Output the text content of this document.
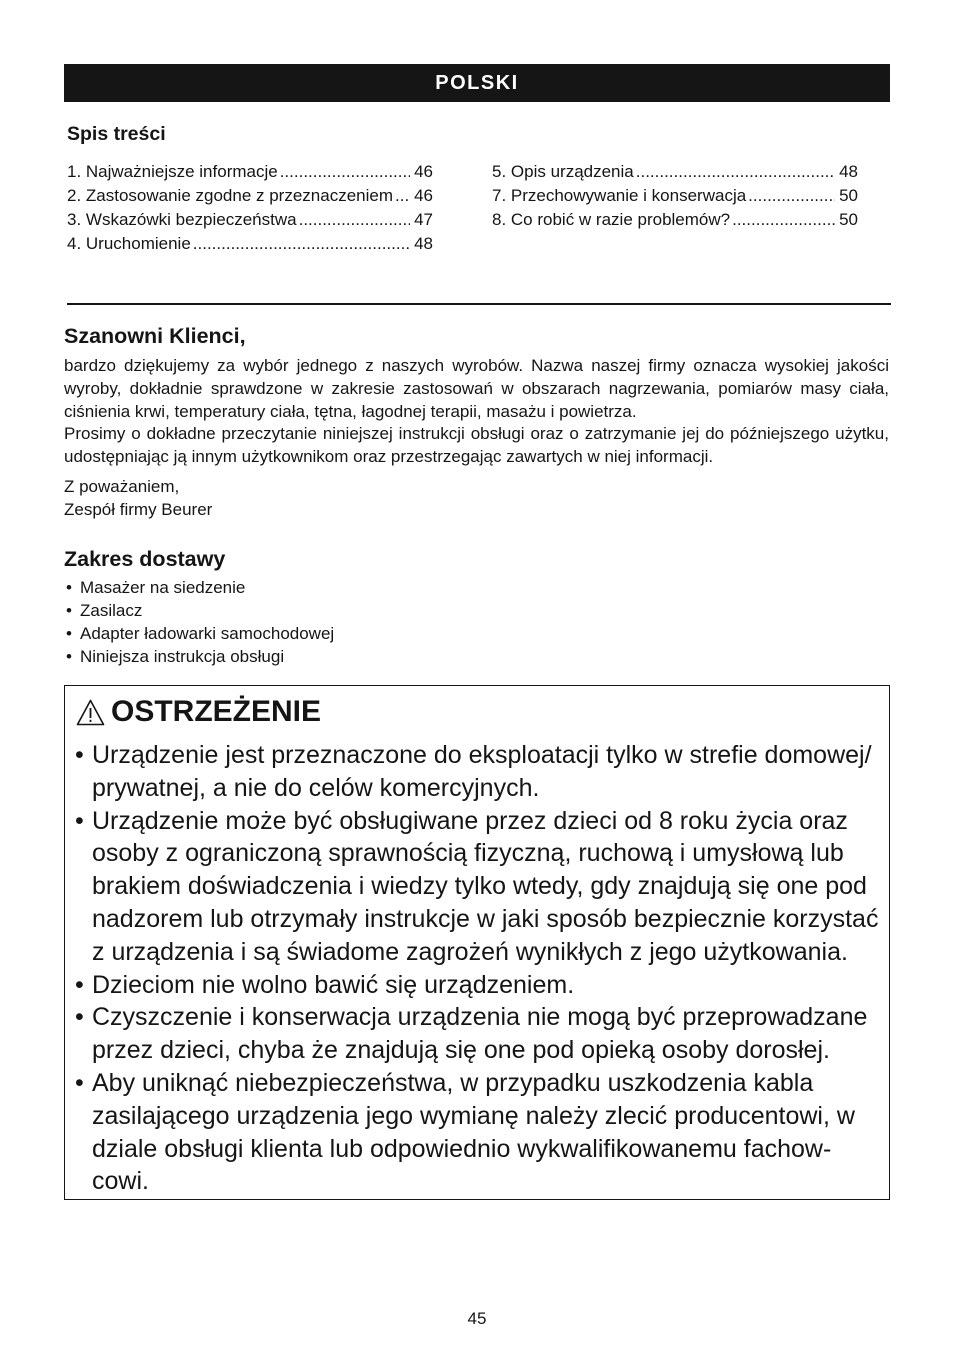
POLSKI
Spis treści
1. Najważniejsze informacje .....	46
2. Zastosowanie zgodne z przeznaczeniem ..... 46
3. Wskazówki bezpieczeństwa .....	47
4. Uruchomienie .....	48
5. Opis urządzenia .....	48
7. Przechowywanie i konserwacja .....	50
8. Co robić w razie problemów? .....	50
Szanowni Klienci,
bardzo dziękujemy za wybór jednego z naszych wyrobów. Nazwa naszej firmy oznacza wysokiej jakości
wyroby, dokładnie sprawdzone w zakresie zastosowań w obszarach nagrzewania, pomiarów masy ciała,
ciśnienia krwi, temperatury ciała, tętna, łagodnej terapii, masażu i powietrza.
Prosimy o dokładne przeczytanie niniejszej instrukcji obsługi oraz o zatrzymanie jej do późniejszego użytku,
udostępniając ją innym użytkownikom oraz przestrzegając zawartych w niej informacji.
Z poważaniem,
Zespół firmy Beurer
Zakres dostawy
• Masażer na siedzenie
• Zasilacz
• Adapter ładowarki samochodowej
• Niniejsza instrukcja obsługi
OSTRZEŻENIE
• Urządzenie jest przeznaczone do eksploatacji tylko w strefie domowej/
prywatnej, a nie do celów komercyjnych.
• Urządzenie może być obsługiwane przez dzieci od 8 roku życia oraz
osoby z ograniczoną sprawnością fizyczną, ruchową i umysłową lub
brakiem doświadczenia i wiedzy tylko wtedy, gdy znajdują się one pod
nadzorem lub otrzymały instrukcje w jaki sposób bezpiecznie korzystać
z urządzenia i są świadome zagrożeń wynikłych z jego użytkowania.
• Dzieciom nie wolno bawić się urządzeniem.
• Czyszczenie i konserwacja urządzenia nie mogą być przeprowadzane
przez dzieci, chyba że znajdują się one pod opieką osoby dorosłej.
• Aby uniknąć niebezpieczeństwa, w przypadku uszkodzenia kabla
zasilającego urządzenia jego wymianę należy zlecić producentowi, w
dziale obsługi klienta lub odpowiednio wykwalifikowanemu fachow-
cowi.
45
